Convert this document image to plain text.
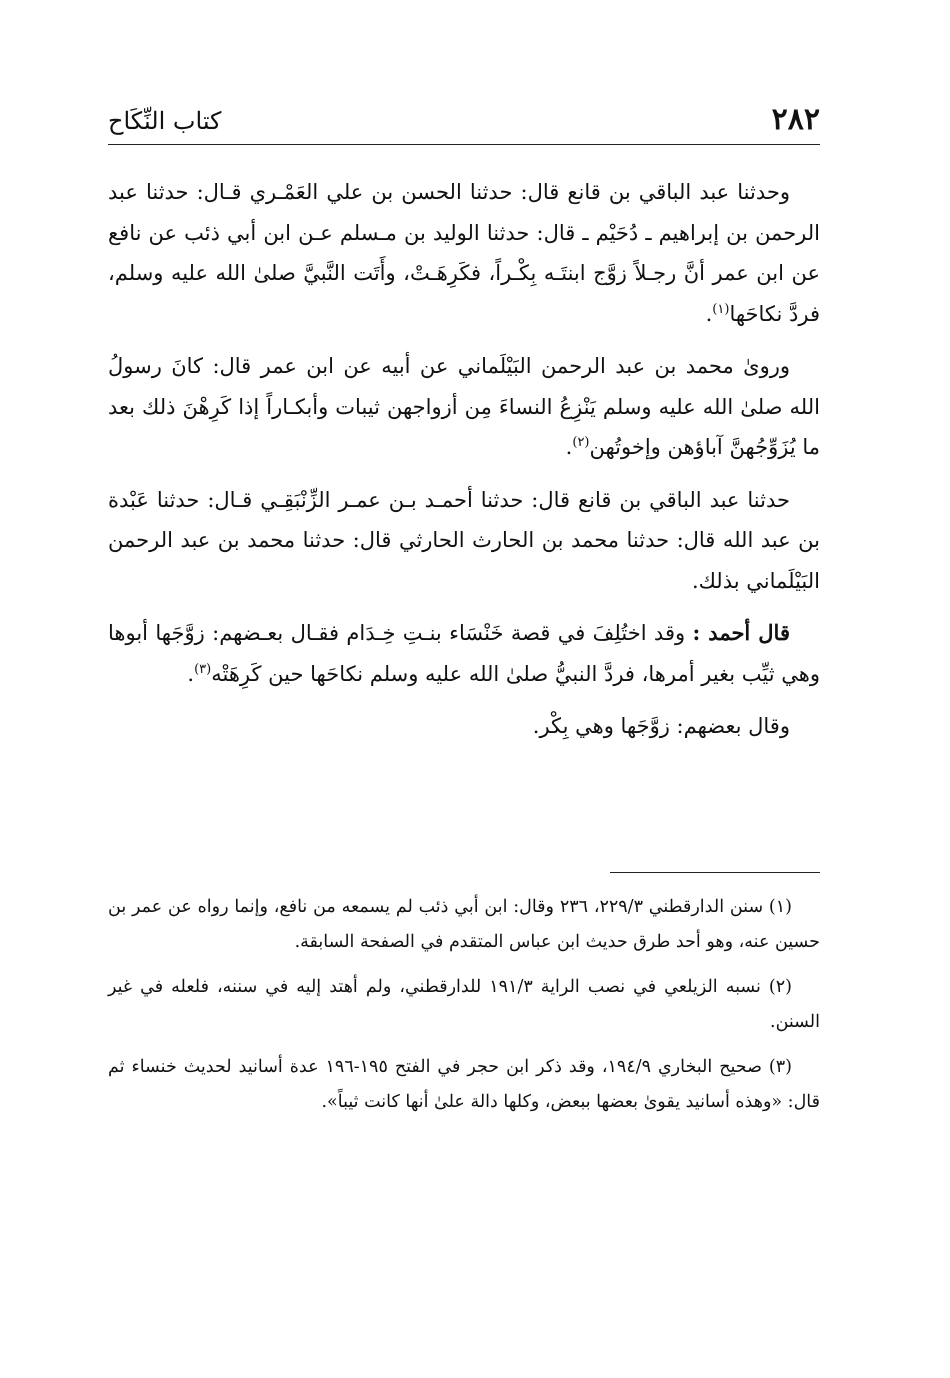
٢٨٢
كتاب النِّكَاح

وحدثنا عبد الباقي بن قانع قال: حدثنا الحسن بن علي العَمْـري قـال: حدثنا عبد الرحمن بن إبراهيم ـ دُحَيْم ـ قال: حدثنا الوليد بن مـسلم عـن ابن أبي ذئب عن نافع عن ابن عمر أنَّ رجـلاً زوَّج ابنتَـه بِكْـراً، فكَرِهَـتْ، وأَتَت النَّبيَّ صلىٰ الله عليه وسلم، فردَّ نكاحَها$^{(١)}$.

ورویٰ محمد بن عبد الرحمن البَيْلَماني عن أبيه عن ابن عمر قال: كانَ رسولُ الله صلىٰ الله عليه وسلم يَنْزِعُ النساءَ مِن أزواجهن ثيبات وأبكـاراً إذا كَرِهْنَ ذلك بعد ما يُزَوِّجُهنَّ آباؤهن وإخوتُهن$^{(٢)}$.

حدثنا عبد الباقي بن قانع قال: حدثنا أحمـد بـن عمـر الزِّنْبَقِـي قـال: حدثنا عَبْدة بن عبد الله قال: حدثنا محمد بن الحارث الحارثي قال: حدثنا محمد بن عبد الرحمن البَيْلَماني بذلك.

قال أحمد : وقد اختُلِفَ في قصة خَنْسَاء بنـتِ خِـدَام فقـال بعـضهم: زوَّجَها أبوها وهي ثيِّب بغير أمرها، فردَّ النبيُّ صلىٰ الله عليه وسلم نكاحَها حين كَرِهَتْه$^{(٣)}$.

وقال بعضهم: زوَّجَها وهي بِكْر.

(١) سنن الدارقطني ٢٢٩/٣، ٢٣٦ وقال: ابن أبي ذئب لم يسمعه من نافع، وإنما رواه عن عمر بن حسين عنه، وهو أحد طرق حديث ابن عباس المتقدم في الصفحة السابقة.

(٢) نسبه الزيلعي في نصب الراية ١٩١/٣ للدارقطني، ولم أهتد إليه في سننه، فلعله في غير السنن.

(٣) صحيح البخاري ١٩٤/٩، وقد ذكر ابن حجر في الفتح ١٩٥-١٩٦ عدة أسانيد لحديث خنساء ثم قال: «وهذه أسانيد يقویٰ بعضها ببعض، وكلها دالة علىٰ أنها كانت ثيباً».
